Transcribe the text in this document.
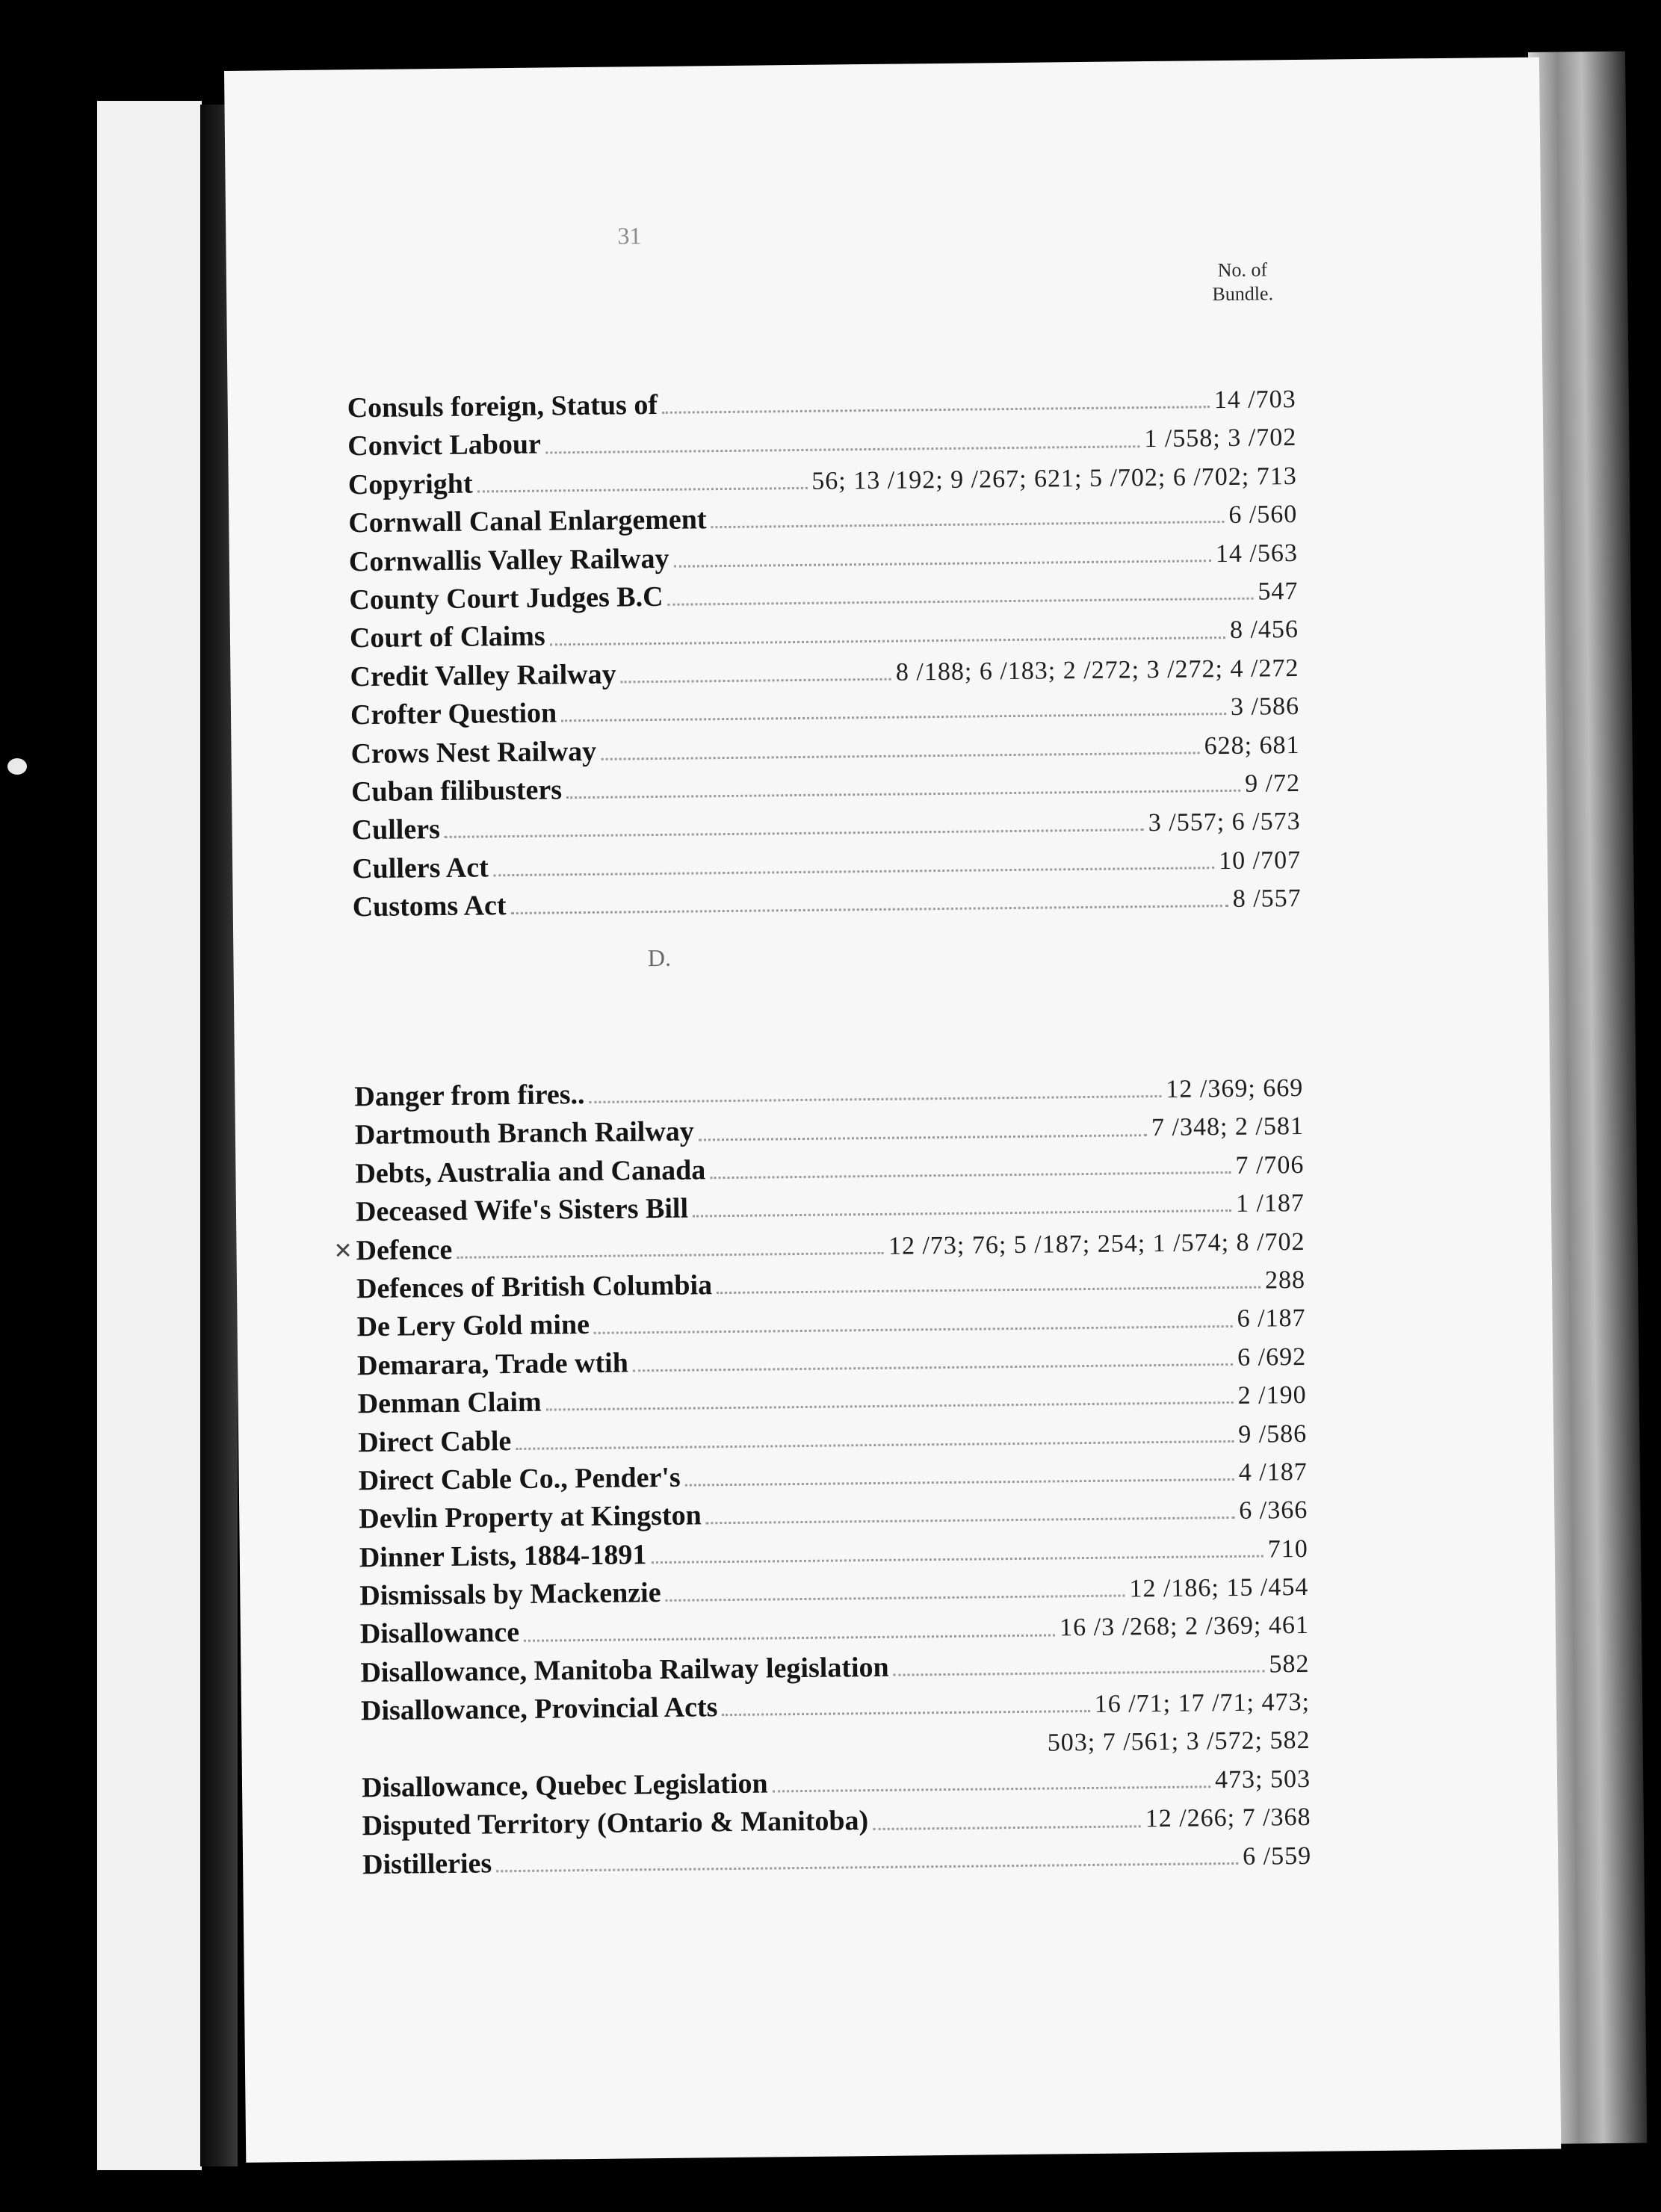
31
No. of
Bundle.
Consuls foreign, Status of	14 /703
Convict Labour	1 /558; 3 /702
Copyright	56; 13 /192; 9 /267; 621; 5 /702; 6 /702; 713
Cornwall Canal Enlargement	6 /560
Cornwallis Valley Railway	14 /563
County Court Judges B.C	547
Court of Claims	8 /456
Credit Valley Railway	8 /188; 6 /183; 2 /272; 3 /272; 4 /272
Crofter Question	3 /586
Crows Nest Railway	628; 681
Cuban filibusters	9 /72
Cullers	3 /557; 6 /573
Cullers Act	10 /707
Customs Act	8 /557
D.
Danger from fires..	12 /369; 669
Dartmouth Branch Railway	7 /348; 2 /581
Debts, Australia and Canada	7 /706
Deceased Wife's Sisters Bill	1 /187
✕ Defence	12 /73; 76; 5 /187; 254; 1 /574; 8 /702
Defences of British Columbia	288
De Lery Gold mine	6 /187
Demarara, Trade wtih	6 /692
Denman Claim	2 /190
Direct Cable	9 /586
Direct Cable Co., Pender's	4 /187
Devlin Property at Kingston	6 /366
Dinner Lists, 1884-1891	710
Dismissals by Mackenzie	12 /186; 15 /454
Disallowance	16 /3 /268; 2 /369; 461
Disallowance, Manitoba Railway legislation	582
Disallowance, Provincial Acts	16 /71; 17 /71; 473;
503; 7 /561; 3 /572; 582
Disallowance, Quebec Legislation	473; 503
Disputed Territory (Ontario & Manitoba)	12 /266; 7 /368
Distilleries	6 /559
